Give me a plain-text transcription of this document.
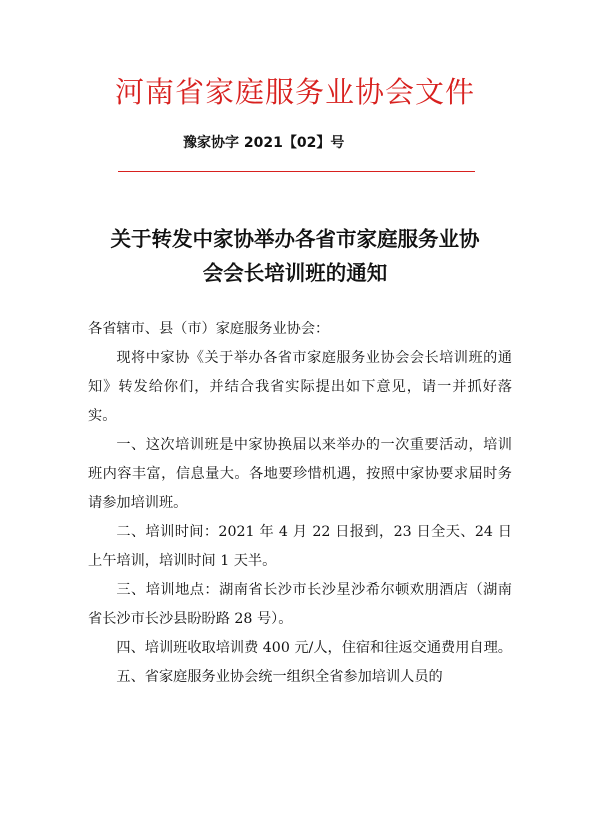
河南省家庭服务业协会文件
豫家协字 2021【02】号
关于转发中家协举办各省市家庭服务业协
会会长培训班的通知
各省辖市、县（市）家庭服务业协会：
现将中家协《关于举办各省市家庭服务业协会会长培训班的通知》转发给你们，并结合我省实际提出如下意见，请一并抓好落实。
一、这次培训班是中家协换届以来举办的一次重要活动，培训班内容丰富，信息量大。各地要珍惜机遇，按照中家协要求届时务请参加培训班。
二、培训时间：2021 年 4 月 22 日报到，23 日全天、24 日上午培训，培训时间 1 天半。
三、培训地点：湖南省长沙市长沙星沙希尔顿欢朋酒店（湖南省长沙市长沙县盼盼路 28 号）。
四、培训班收取培训费 400 元/人，住宿和往返交通费用自理。
五、省家庭服务业协会统一组织全省参加培训人员的
